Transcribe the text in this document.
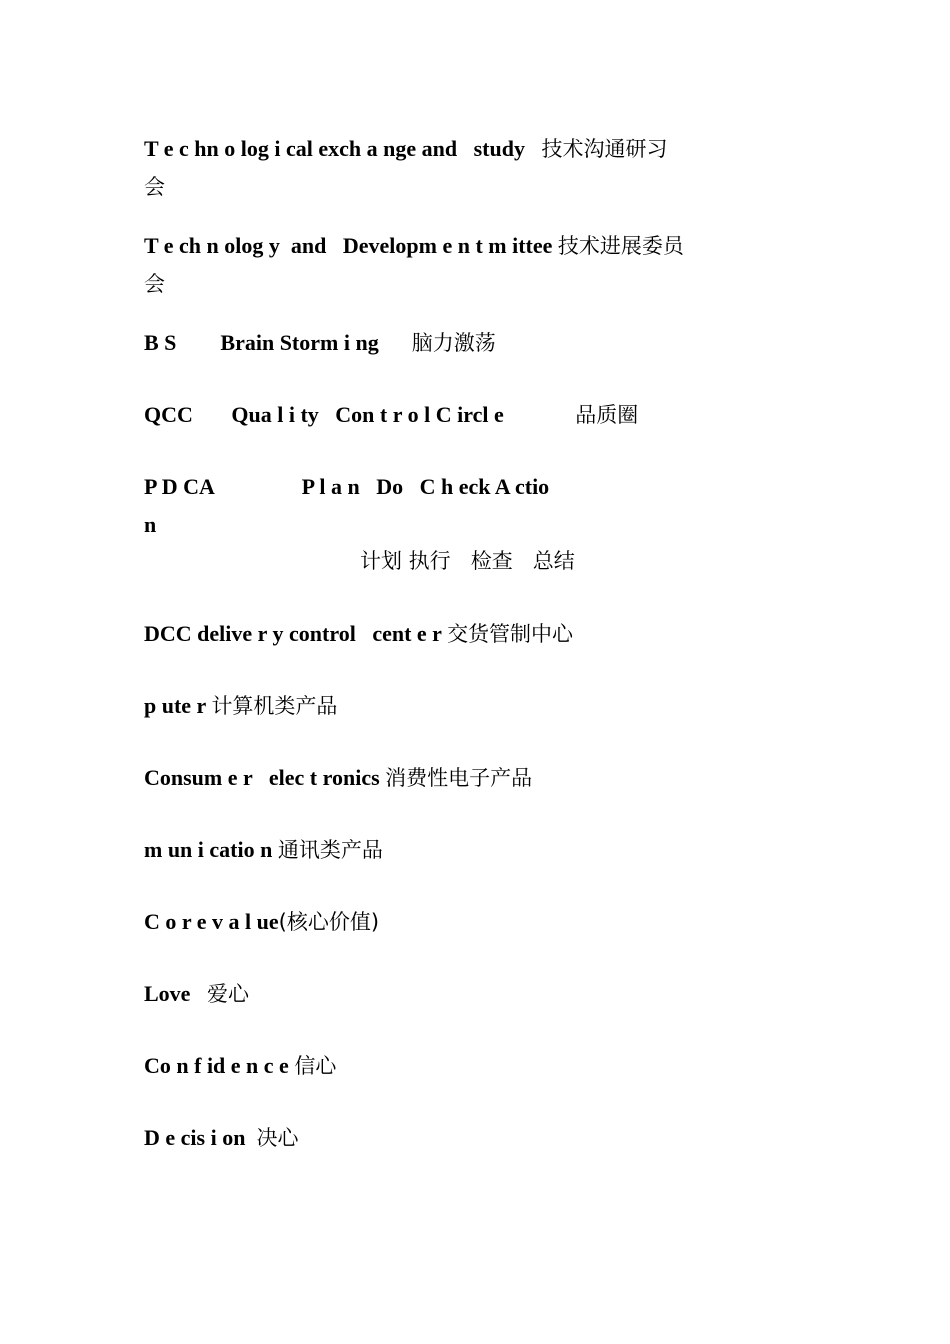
T e c hn o log i cal exch a nge and   study   技术沟通研习
会
T e ch n olog y  and   Developm e n t m ittee 技术进展委员
会
B S        Brain Storm i ng      脑力激荡
QCC       Qua l i ty   Con t r o l C ircl e             品质圈
P D CA                P l a n   Do   C h eck A ctio
n
计划 执行   检查   总结
DCC delive r y control   cent e r 交货管制中心
p ute r 计算机类产品
Consum e r   elec t ronics 消费性电子产品
m un i catio n 通讯类产品
C o r e v a l ue(核心价值)
Love   爱心
Co n f id e n c e 信心
D e cis i on  决心
